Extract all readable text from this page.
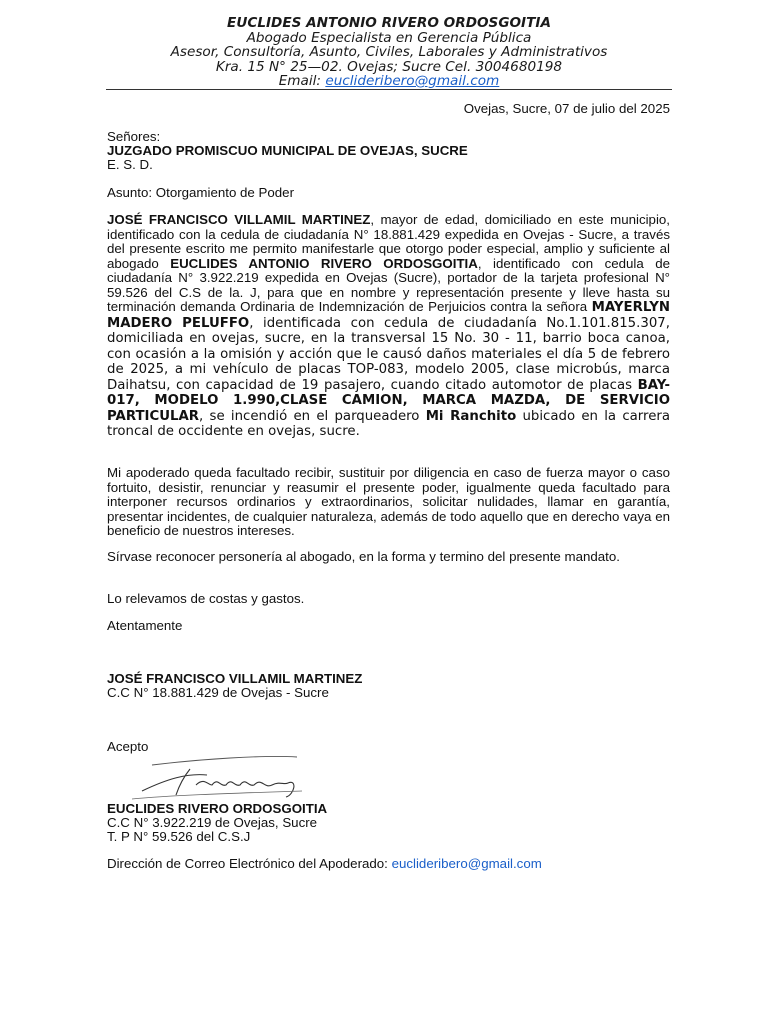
EUCLIDES ANTONIO RIVERO ORDOSGOITIA
Abogado Especialista en Gerencia Pública
Asesor, Consultoría, Asunto, Civiles, Laborales y Administrativos
Kra. 15 N° 25—02. Ovejas; Sucre Cel. 3004680198
Email: euclideribero@gmail.com
Ovejas, Sucre, 07 de julio del 2025
Señores:
JUZGADO PROMISCUO MUNICIPAL DE OVEJAS, SUCRE
E. S. D.
Asunto: Otorgamiento de Poder
JOSÉ FRANCISCO VILLAMIL MARTINEZ, mayor de edad, domiciliado en este municipio, identificado con la cedula de ciudadanía N° 18.881.429 expedida en Ovejas - Sucre, a través del presente escrito me permito manifestarle que otorgo poder especial, amplio y suficiente al abogado EUCLIDES ANTONIO RIVERO ORDOSGOITIA, identificado con cedula de ciudadanía N° 3.922.219 expedida en Ovejas (Sucre), portador de la tarjeta profesional N° 59.526 del C.S de la. J, para que en nombre y representación presente y lleve hasta su terminación demanda Ordinaria de Indemnización de Perjuicios contra la señora MAYERLYN MADERO PELUFFO, identificada con cedula de ciudadanía No.1.101.815.307, domiciliada en ovejas, sucre, en la transversal 15 No. 30 - 11, barrio boca canoa, con ocasión a la omisión y acción que le causó daños materiales el día 5 de febrero de 2025, a mi vehículo de placas TOP-083, modelo 2005, clase microbús, marca Daihatsu, con capacidad de 19 pasajero, cuando citado automotor de placas BAY-017, MODELO 1.990,CLASE CAMION, MARCA MAZDA, DE SERVICIO PARTICULAR, se incendió en el parqueadero Mi Ranchito ubicado en la carrera troncal de occidente en ovejas, sucre.
Mi apoderado queda facultado recibir, sustituir por diligencia en caso de fuerza mayor o caso fortuito, desistir, renunciar y reasumir el presente poder, igualmente queda facultado para interponer recursos ordinarios y extraordinarios, solicitar nulidades, llamar en garantía, presentar incidentes, de cualquier naturaleza, además de todo aquello que en derecho vaya en beneficio de nuestros intereses.
Sírvase reconocer personería al abogado, en la forma y termino del presente mandato.
Lo relevamos de costas y gastos.
Atentamente
JOSÉ FRANCISCO VILLAMIL MARTINEZ
C.C N° 18.881.429 de Ovejas - Sucre
Acepto
EUCLIDES RIVERO ORDOSGOITIA
C.C N° 3.922.219 de Ovejas, Sucre
T. P N° 59.526 del C.S.J
Dirección de Correo Electrónico del Apoderado: euclideribero@gmail.com
